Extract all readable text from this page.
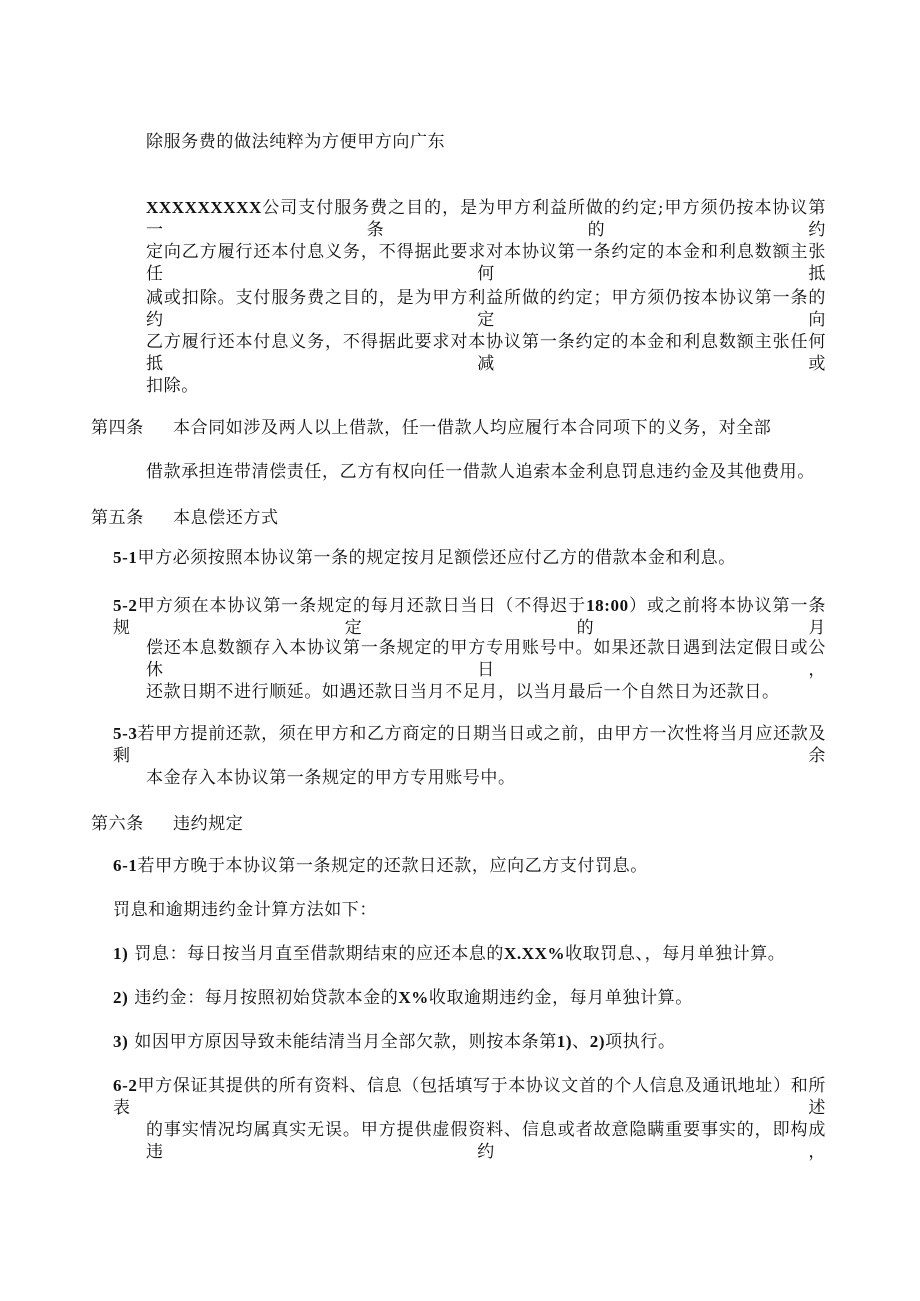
除服务费的做法纯粹为方便甲方向广东
XXXXXXXXX公司支付服务费之目的，是为甲方利益所做的约定;甲方须仍按本协议第一条的约
定向乙方履行还本付息义务，不得据此要求对本协议第一条约定的本金和利息数额主张任何抵
减或扣除。支付服务费之目的，是为甲方利益所做的约定；甲方须仍按本协议第一条的约定向
乙方履行还本付息义务，不得据此要求对本协议第一条约定的本金和利息数额主张任何抵减或
扣除。
第四条 本合同如涉及两人以上借款，任一借款人均应履行本合同项下的义务，对全部
借款承担连带清偿责任，乙方有权向任一借款人追索本金利息罚息违约金及其他费用。
第五条 本息偿还方式
5-1甲方必须按照本协议第一条的规定按月足额偿还应付乙方的借款本金和利息。
5-2甲方须在本协议第一条规定的每月还款日当日（不得迟于18:00）或之前将本协议第一条规定的月
偿还本息数额存入本协议第一条规定的甲方专用账号中。如果还款日遇到法定假日或公休日，
还款日期不进行顺延。如遇还款日当月不足月，以当月最后一个自然日为还款日。
5-3若甲方提前还款，须在甲方和乙方商定的日期当日或之前，由甲方一次性将当月应还款及剩余
本金存入本协议第一条规定的甲方专用账号中。
第六条 违约规定
6-1若甲方晚于本协议第一条规定的还款日还款，应向乙方支付罚息。
罚息和逾期违约金计算方法如下：
1) 罚息：每日按当月直至借款期结束的应还本息的X.XX%收取罚息、，每月单独计算。
2) 违约金：每月按照初始贷款本金的X%收取逾期违约金，每月单独计算。
3) 如因甲方原因导致未能结清当月全部欠款，则按本条第1)、2)项执行。
6-2甲方保证其提供的所有资料、信息（包括填写于本协议文首的个人信息及通讯地址）和所表述
的事实情况均属真实无误。甲方提供虚假资料、信息或者故意隐瞒重要事实的，即构成违约，
